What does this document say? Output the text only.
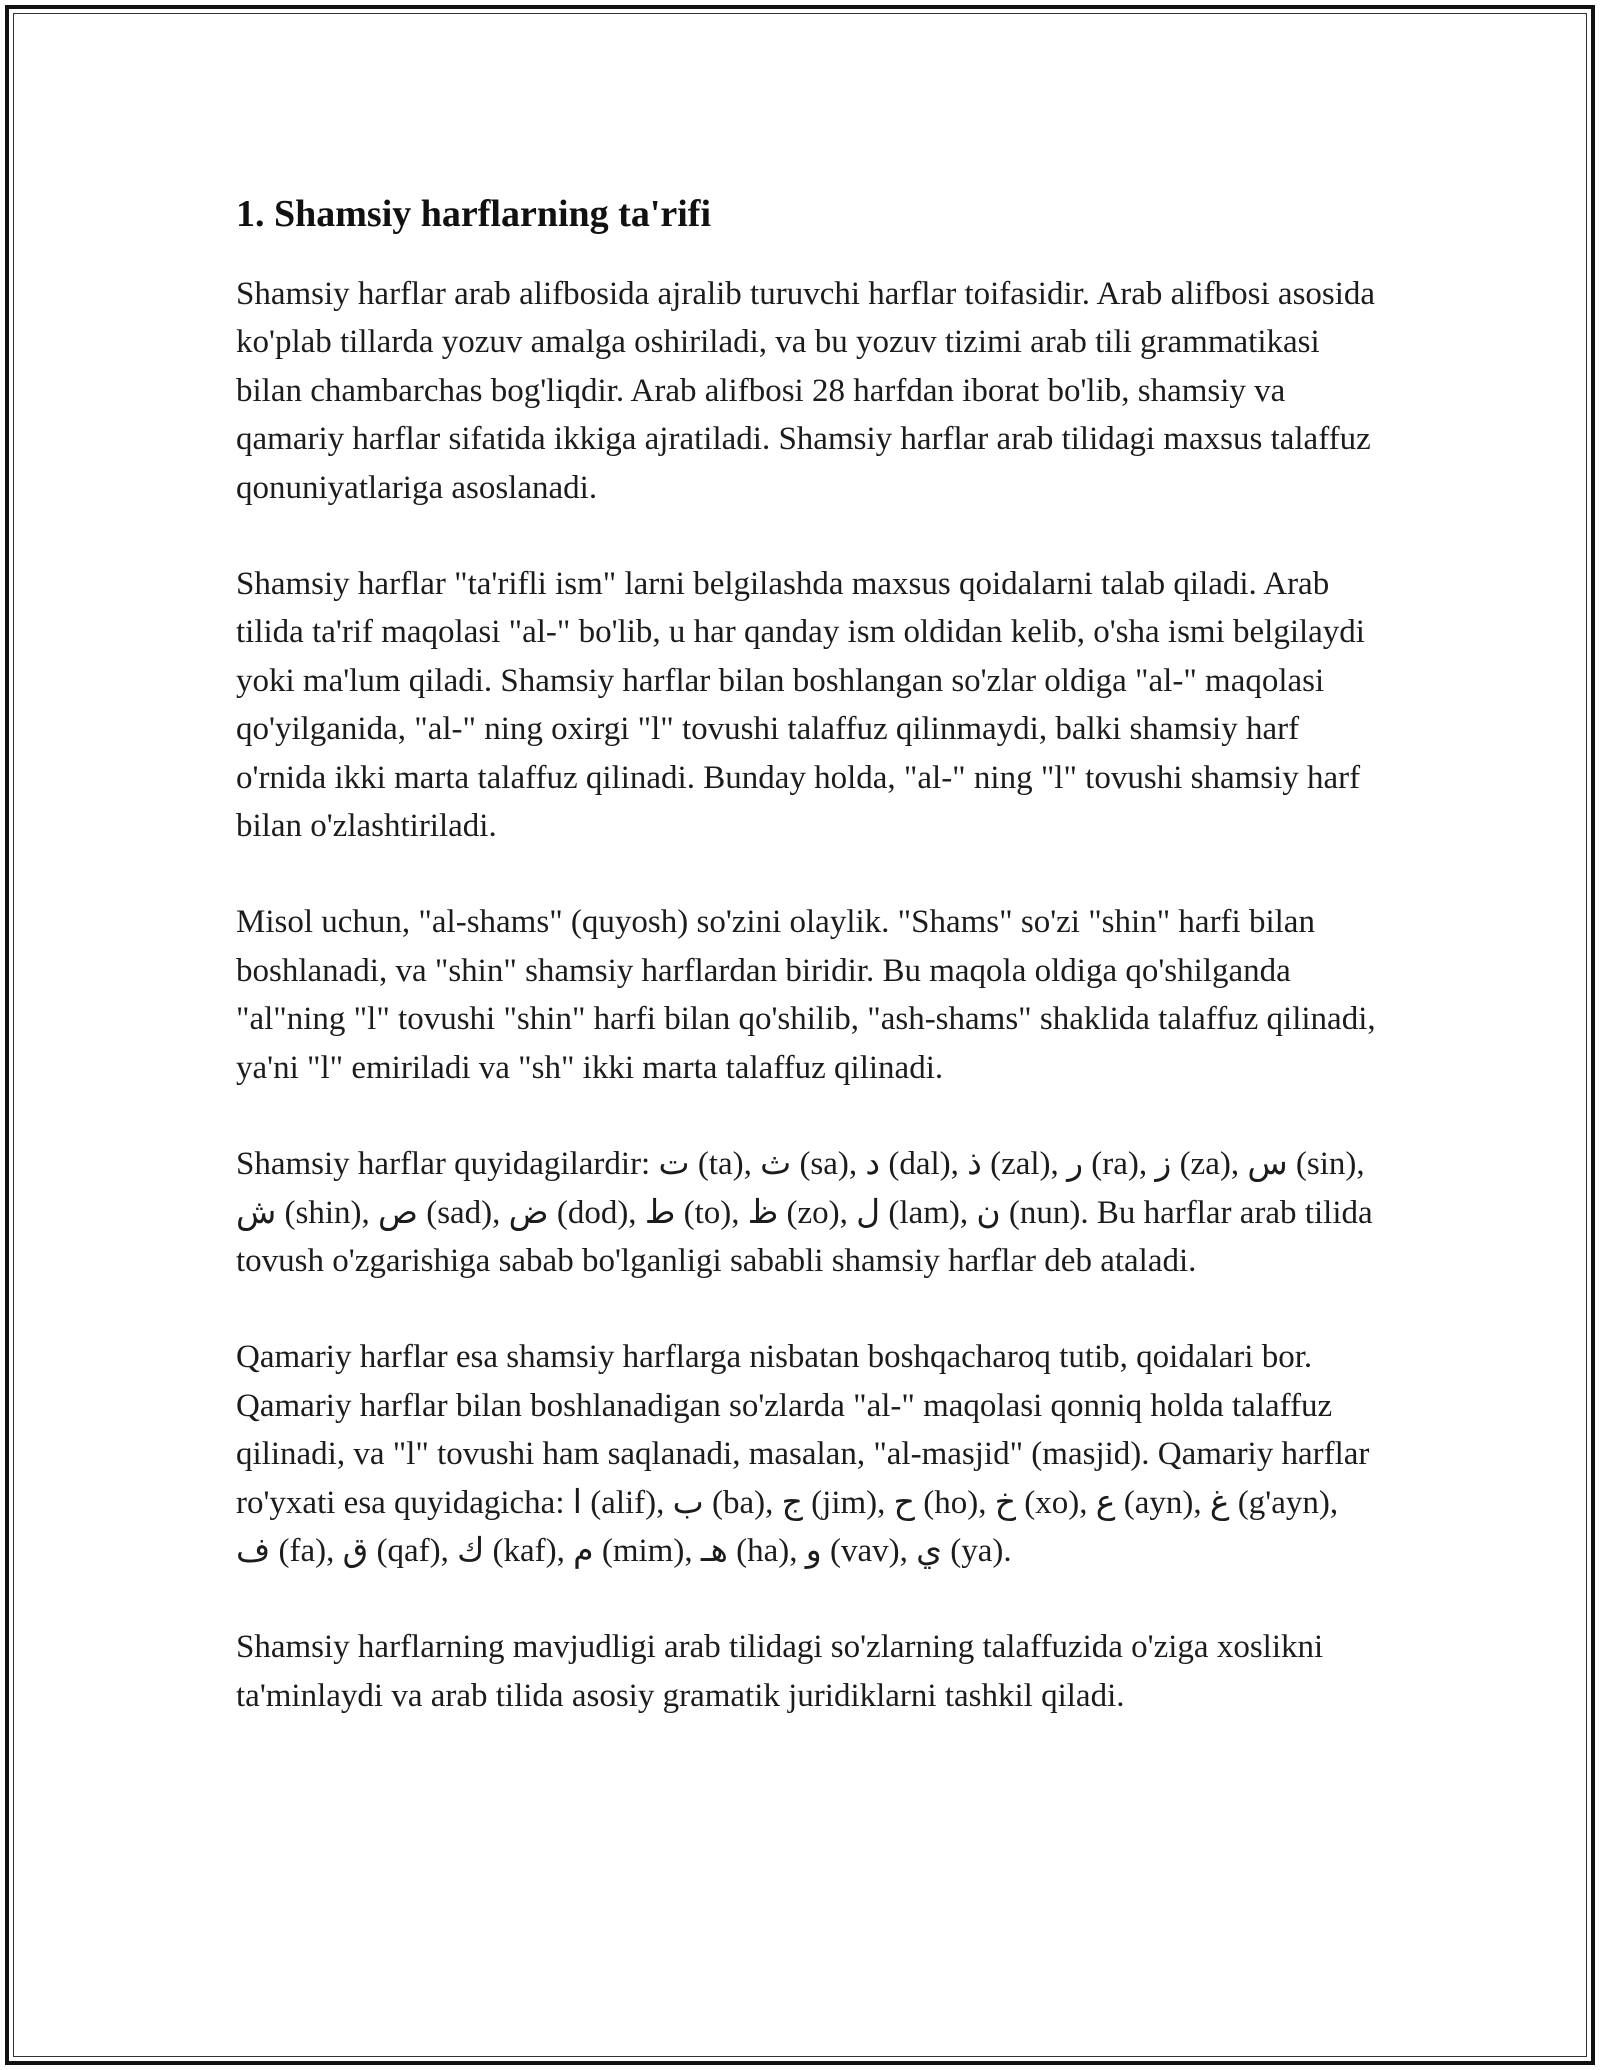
1. Shamsiy harflarning ta'rifi

Shamsiy harflar arab alifbosida ajralib turuvchi harflar toifasidir. Arab alifbosi asosida ko'plab tillarda yozuv amalga oshiriladi, va bu yozuv tizimi arab tili grammatikasi bilan chambarchas bog'liqdir. Arab alifbosi 28 harfdan iborat bo'lib, shamsiy va qamariy harflar sifatida ikkiga ajratiladi. Shamsiy harflar arab tilidagi maxsus talaffuz qonuniyatlariga asoslanadi.

Shamsiy harflar "ta'rifli ism" larni belgilashda maxsus qoidalarni talab qiladi. Arab tilida ta'rif maqolasi "al-" bo'lib, u har qanday ism oldidan kelib, o'sha ismi belgilaydi yoki ma'lum qiladi. Shamsiy harflar bilan boshlangan so'zlar oldiga "al-" maqolasi qo'yilganida, "al-" ning oxirgi "l" tovushi talaffuz qilinmaydi, balki shamsiy harf o'rnida ikki marta talaffuz qilinadi. Bunday holda, "al-" ning "l" tovushi shamsiy harf bilan o'zlashtiriladi.

Misol uchun, "al-shams" (quyosh) so'zini olaylik. "Shams" so'zi "shin" harfi bilan boshlanadi, va "shin" shamsiy harflardan biridir. Bu maqola oldiga qo'shilganda "al"ning "l" tovushi "shin" harfi bilan qo'shilib, "ash-shams" shaklida talaffuz qilinadi, ya'ni "l" emiriladi va "sh" ikki marta talaffuz qilinadi.

Shamsiy harflar quyidagilardir: ت (ta), ث (sa), د (dal), ذ (zal), ر (ra), ز (za), س (sin), ش (shin), ص (sad), ض (dod), ط (to), ظ (zo), ل (lam), ن (nun). Bu harflar arab tilida tovush o'zgarishiga sabab bo'lganligi sababli shamsiy harflar deb ataladi.

Qamariy harflar esa shamsiy harflarga nisbatan boshqacharoq tutib, qoidalari bor. Qamariy harflar bilan boshlanadigan so'zlarda "al-" maqolasi qonniq holda talaffuz qilinadi, va "l" tovushi ham saqlanadi, masalan, "al-masjid" (masjid). Qamariy harflar ro'yxati esa quyidagicha: ا (alif), ب (ba), ج (jim), ح (ho), خ (xo), ع (ayn), غ (g'ayn), ف (fa), ق (qaf), ك (kaf), م (mim), هـ (ha), و (vav), ي (ya).

Shamsiy harflarning mavjudligi arab tilidagi so'zlarning talaffuzida o'ziga xoslikni ta'minlaydi va arab tilida asosiy gramatik juridiklarni tashkil qiladi.
